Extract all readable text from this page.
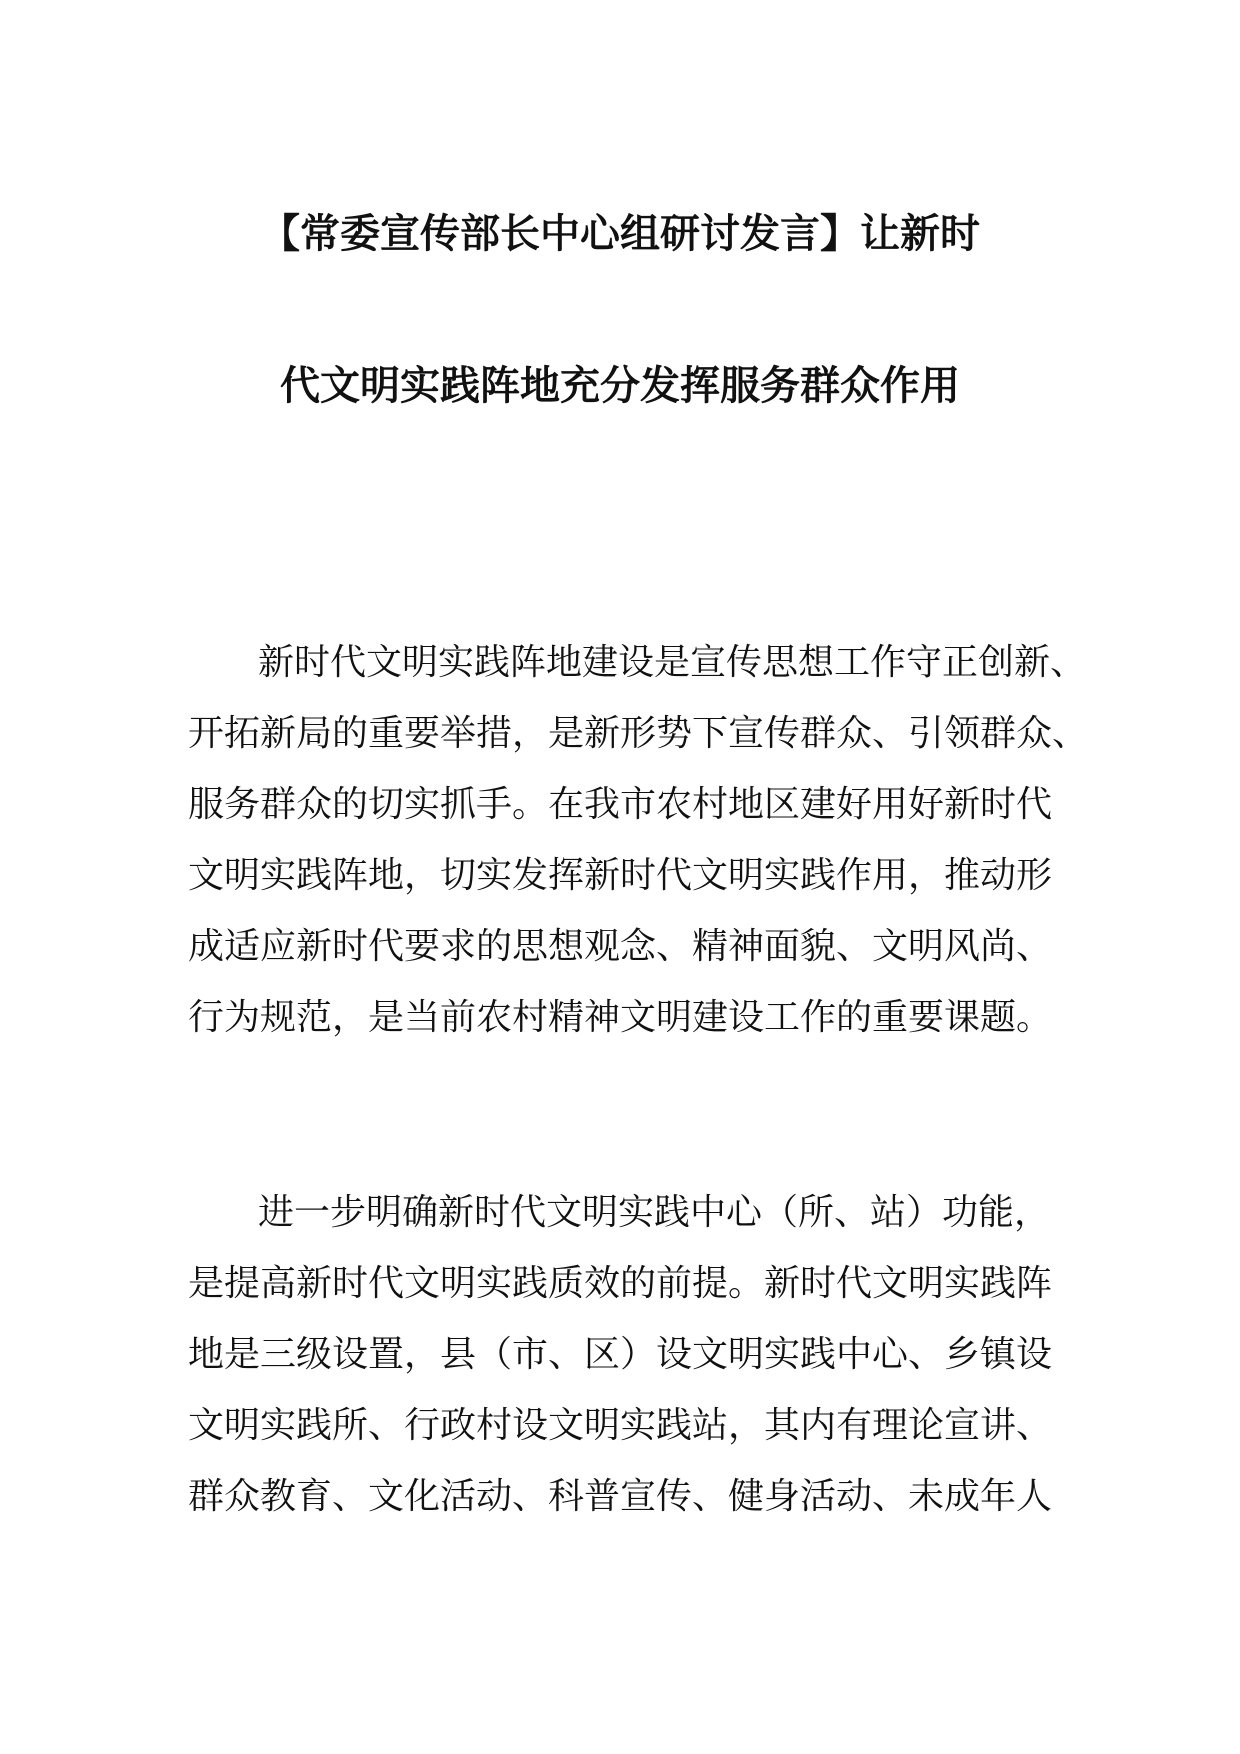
【常委宣传部长中心组研讨发言】让新时
代文明实践阵地充分发挥服务群众作用
新时代文明实践阵地建设是宣传思想工作守正创新、
开拓新局的重要举措，是新形势下宣传群众、引领群众、
服务群众的切实抓手。在我市农村地区建好用好新时代
文明实践阵地，切实发挥新时代文明实践作用，推动形
成适应新时代要求的思想观念、精神面貌、文明风尚、
行为规范，是当前农村精神文明建设工作的重要课题。
进一步明确新时代文明实践中心（所、站）功能，
是提高新时代文明实践质效的前提。新时代文明实践阵
地是三级设置，县（市、区）设文明实践中心、乡镇设
文明实践所、行政村设文明实践站，其内有理论宣讲、
群众教育、文化活动、科普宣传、健身活动、未成年人
